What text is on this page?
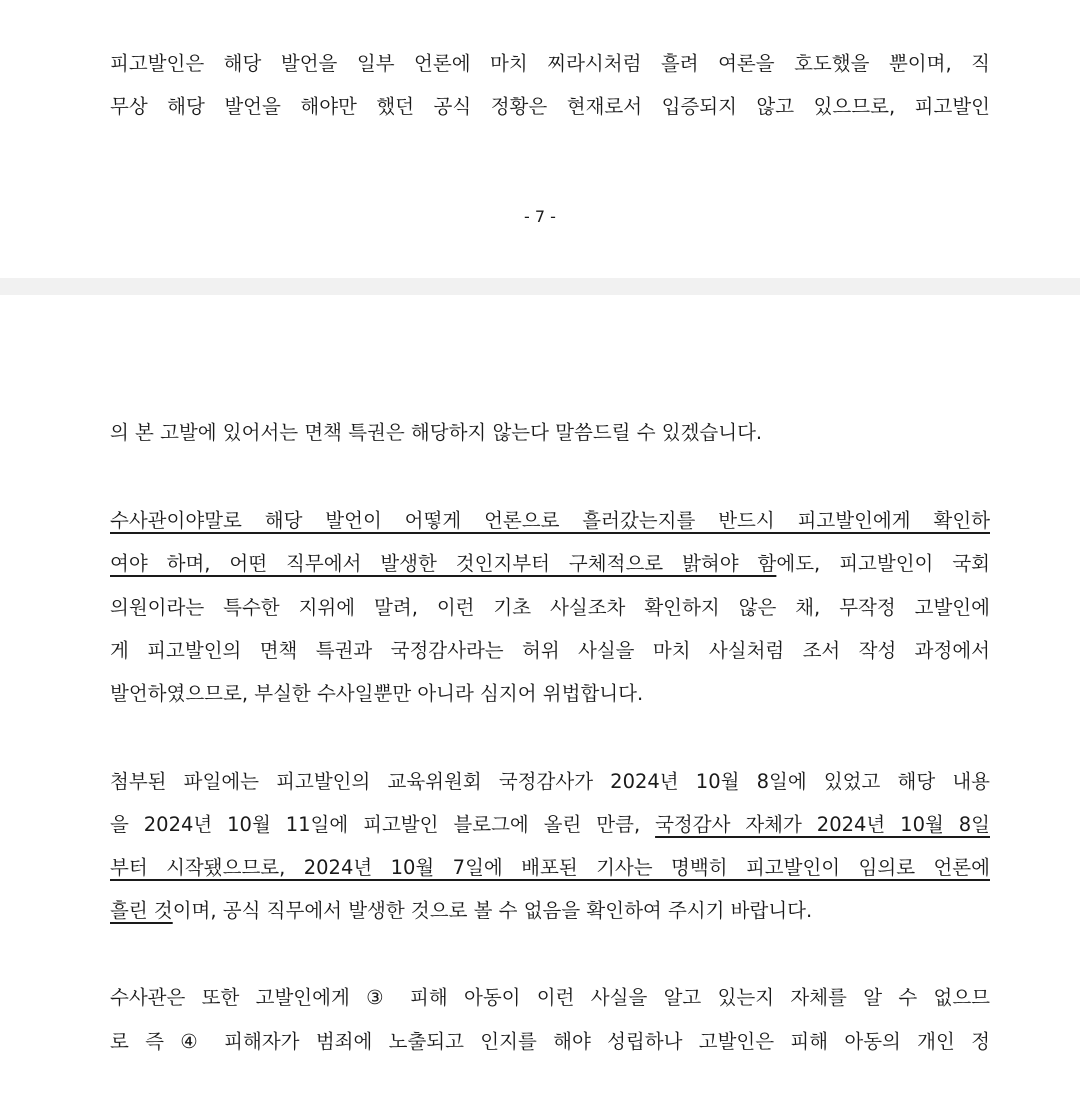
피고발인은 해당 발언을 일부 언론에 마치 찌라시처럼 흘려 여론을 호도했을 뿐이며, 직
무상 해당 발언을 해야만 했던 공식 정황은 현재로서 입증되지 않고 있으므로, 피고발인
- 7 -
의 본 고발에 있어서는 면책 특권은 해당하지 않는다 말씀드릴 수 있겠습니다.
수사관이야말로 해당 발언이 어떻게 언론으로 흘러갔는지를 반드시 피고발인에게 확인하
여야 하며, 어떤 직무에서 발생한 것인지부터 구체적으로 밝혀야 함에도, 피고발인이 국회
의원이라는 특수한 지위에 말려, 이런 기초 사실조차 확인하지 않은 채, 무작정 고발인에
게 피고발인의 면책 특권과 국정감사라는 허위 사실을 마치 사실처럼 조서 작성 과정에서
발언하였으므로, 부실한 수사일뿐만 아니라 심지어 위법합니다.
첨부된 파일에는 피고발인의 교육위원회 국정감사가 2024년 10월 8일에 있었고 해당 내용
을 2024년 10월 11일에 피고발인 블로그에 올린 만큼, 국정감사 자체가 2024년 10월 8일
부터 시작됐으므로, 2024년 10월 7일에 배포된 기사는 명백히 피고발인이 임의로 언론에
흘린 것이며, 공식 직무에서 발생한 것으로 볼 수 없음을 확인하여 주시기 바랍니다.
수사관은 또한 고발인에게 ③ 피해 아동이 이런 사실을 알고 있는지 자체를 알 수 없으므
로 즉 ④ 피해자가 범죄에 노출되고 인지를 해야 성립하나 고발인은 피해 아동의 개인 정
